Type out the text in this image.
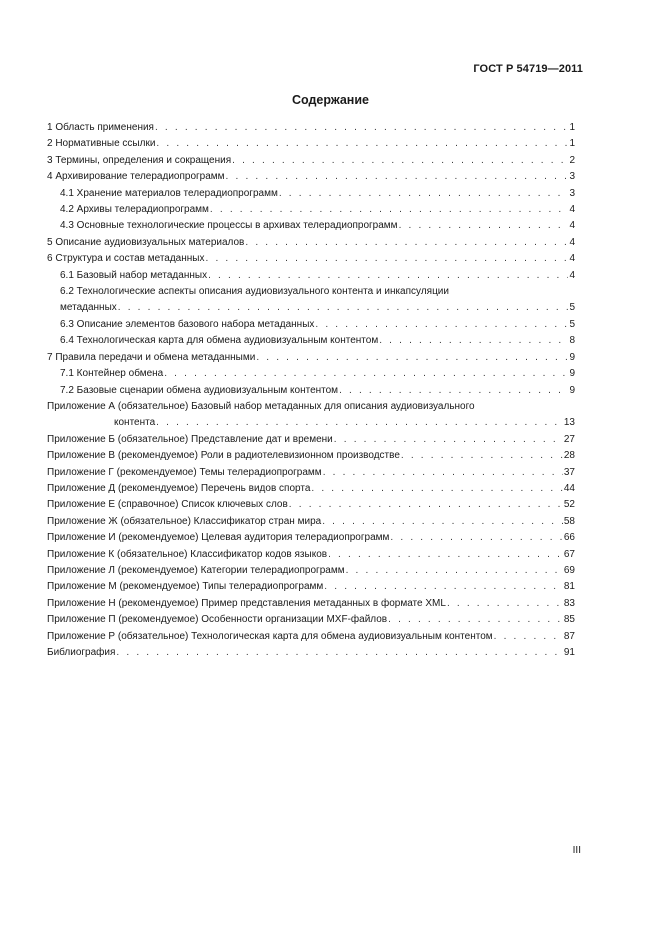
ГОСТ Р 54719—2011
Содержание
1 Область применения . . .	1
2 Нормативные ссылки . . .	1
3 Термины, определения и сокращения . . .	2
4 Архивирование телерадиопрограмм . . .	3
4.1 Хранение материалов телерадиопрограмм . . .	3
4.2 Архивы телерадиопрограмм . . .	4
4.3 Основные технологические процессы в архивах телерадиопрограмм . . .	4
5 Описание аудиовизуальных материалов . . .	4
6 Структура и состав метаданных . . .	4
6.1 Базовый набор метаданных . . .	4
6.2 Технологические аспекты описания аудиовизуального контента и инкапсуляции
метаданных . . .	5
6.3 Описание элементов базового набора метаданных . . .	5
6.4 Технологическая карта для обмена аудиовизуальным контентом . . .	8
7 Правила передачи и обмена метаданными . . .	9
7.1 Контейнер обмена . . .	9
7.2 Базовые сценарии обмена аудиовизуальным контентом . . .	9
Приложение А (обязательное) Базовый набор метаданных для описания аудиовизуального
контента . . .	13
Приложение Б (обязательное) Представление дат и времени . . .	27
Приложение В (рекомендуемое) Роли в радиотелевизионном производстве . . .	28
Приложение Г (рекомендуемое) Темы телерадиопрограмм . . .	37
Приложение Д (рекомендуемое) Перечень видов спорта . . .	44
Приложение Е (справочное) Список ключевых слов . . .	52
Приложение Ж (обязательное) Классификатор стран мира . . .	58
Приложение И (рекомендуемое) Целевая аудитория телерадиопрограмм . . .	66
Приложение К (обязательное) Классификатор кодов языков . . .	67
Приложение Л (рекомендуемое) Категории телерадиопрограмм . . .	69
Приложение М (рекомендуемое) Типы телерадиопрограмм . . .	81
Приложение Н (рекомендуемое) Пример представления метаданных в формате XML . . .	83
Приложение П (рекомендуемое) Особенности организации MXF-файлов . . .	85
Приложение Р (обязательное) Технологическая карта для обмена аудиовизуальным контентом . . .	87
Библиография . . .	91
III
